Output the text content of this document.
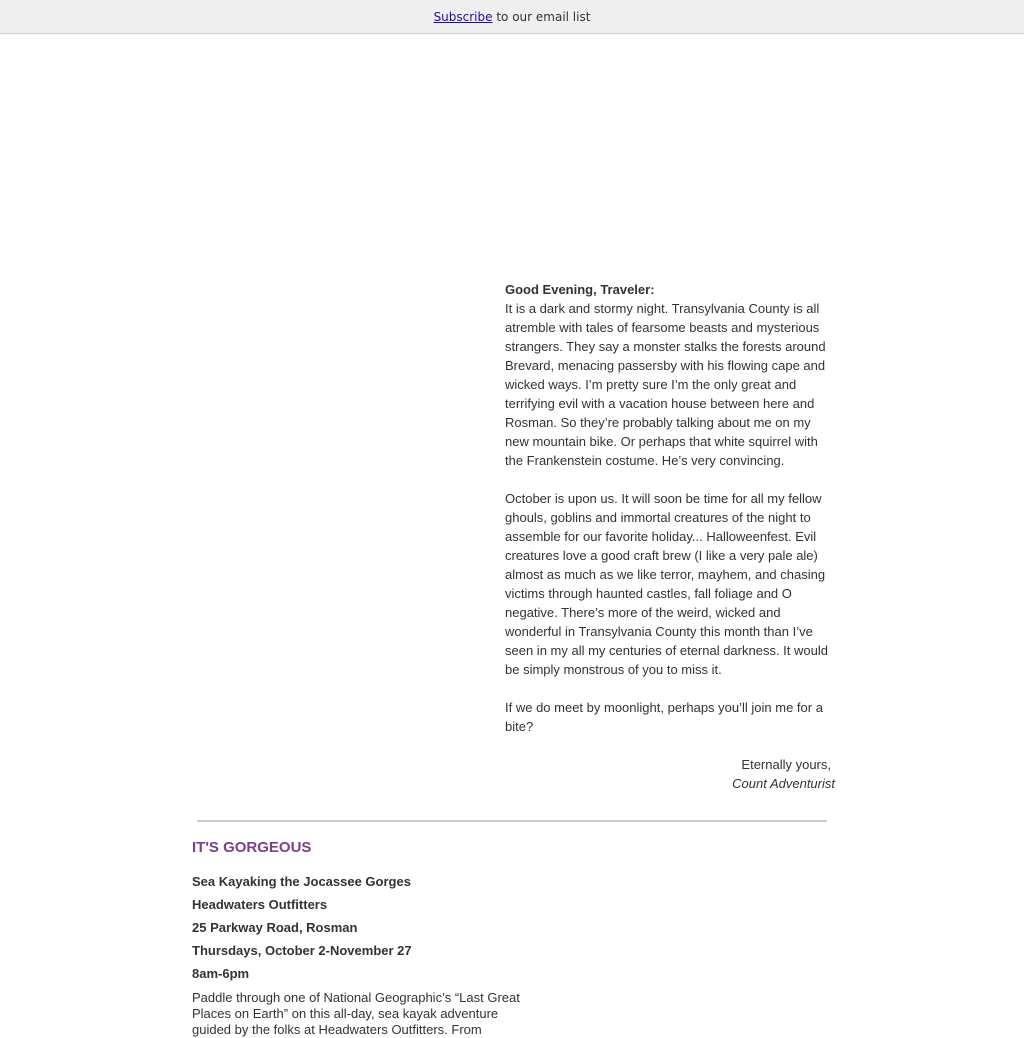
Subscribe to our email list

Good Evening, Traveler:

It is a dark and stormy night. Transylvania County is all atremble with tales of fearsome beasts and mysterious strangers. They say a monster stalks the forests around Brevard, menacing passersby with his flowing cape and wicked ways. I’m pretty sure I’m the only great and terrifying evil with a vacation house between here and Rosman. So they’re probably talking about me on my new mountain bike. Or perhaps that white squirrel with the Frankenstein costume. He’s very convincing.

October is upon us. It will soon be time for all my fellow ghouls, goblins and immortal creatures of the night to assemble for our favorite holiday... Halloweenfest. Evil creatures love a good craft brew (I like a very pale ale) almost as much as we like terror, mayhem, and chasing victims through haunted castles, fall foliage and O negative. There’s more of the weird, wicked and wonderful in Transylvania County this month than I’ve seen in my all my centuries of eternal darkness. It would be simply monstrous of you to miss it.

If we do meet by moonlight, perhaps you’ll join me for a bite?

Eternally yours,
Count Adventurist
IT'S GORGEOUS
Sea Kayaking the Jocassee Gorges
Headwaters Outfitters
25 Parkway Road, Rosman
Thursdays, October 2-November 27
8am-6pm
Paddle through one of National Geographic’s “Last Great Places on Earth” on this all-day, sea kayak adventure guided by the folks at Headwaters Outfitters. From
